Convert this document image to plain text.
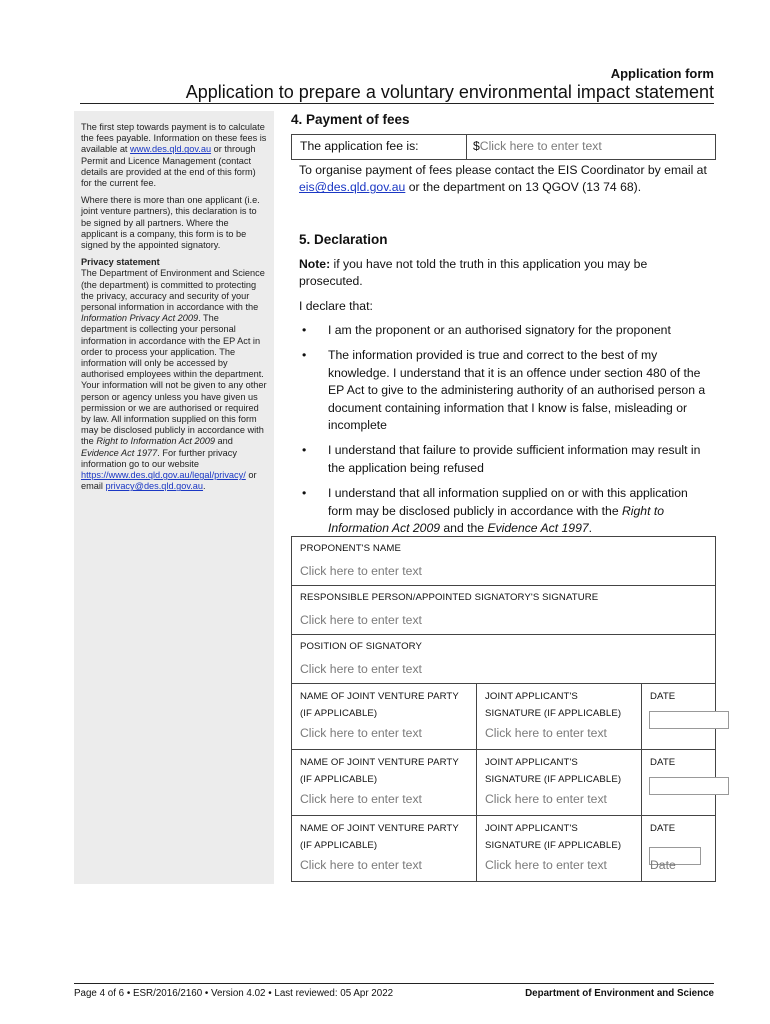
Application form
Application to prepare a voluntary environmental impact statement

The first step towards payment is to calculate the fees payable. Information on these fees is available at www.des.qld.gov.au or through Permit and Licence Management (contact details are provided at the end of this form) for the current fee.

Where there is more than one applicant (i.e. joint venture partners), this declaration is to be signed by all partners. Where the applicant is a company, this form is to be signed by the appointed signatory.

Privacy statement
The Department of Environment and Science (the department) is committed to protecting the privacy, accuracy and security of your personal information in accordance with the Information Privacy Act 2009. The department is collecting your personal information in accordance with the EP Act in order to process your application. The information will only be accessed by authorised employees within the department. Your information will not be given to any other person or agency unless you have given us permission or we are authorised or required by law. All information supplied on this form may be disclosed publicly in accordance with the Right to Information Act 2009 and Evidence Act 1977. For further privacy information go to our website https://www.des.qld.gov.au/legal/privacy/ or email privacy@des.qld.gov.au.

4. Payment of fees
The application fee is:	$Click here to enter text
To organise payment of fees please contact the EIS Coordinator by email at eis@des.qld.gov.au or the department on 13 QGOV (13 74 68).
5. Declaration
Note: if you have not told the truth in this application you may be prosecuted.
I declare that:
• I am the proponent or an authorised signatory for the proponent
• The information provided is true and correct to the best of my knowledge. I understand that it is an offence under section 480 of the EP Act to give to the administering authority of an authorised person a document containing information that I know is false, misleading or incomplete
• I understand that failure to provide sufficient information may result in the application being refused
• I understand that all information supplied on or with this application form may be disclosed publicly in accordance with the Right to Information Act 2009 and the Evidence Act 1997.
PROPONENT'S NAME
Click here to enter text
RESPONSIBLE PERSON/APPOINTED SIGNATORY'S SIGNATURE
Click here to enter text
POSITION OF SIGNATORY
Click here to enter text
NAME OF JOINT VENTURE PARTY
(IF APPLICABLE)
Click here to enter text
JOINT APPLICANT'S
SIGNATURE (IF APPLICABLE)
Click here to enter text
DATE
NAME OF JOINT VENTURE PARTY
(IF APPLICABLE)
Click here to enter text
JOINT APPLICANT'S
SIGNATURE (IF APPLICABLE)
Click here to enter text
DATE
NAME OF JOINT VENTURE PARTY
(IF APPLICABLE)
Click here to enter text
JOINT APPLICANT'S
SIGNATURE (IF APPLICABLE)
Click here to enter text
DATE
Date
Page 4 of 6 • ESR/2016/2160 • Version 4.02 • Last reviewed: 05 Apr 2022	Department of Environment and Science
